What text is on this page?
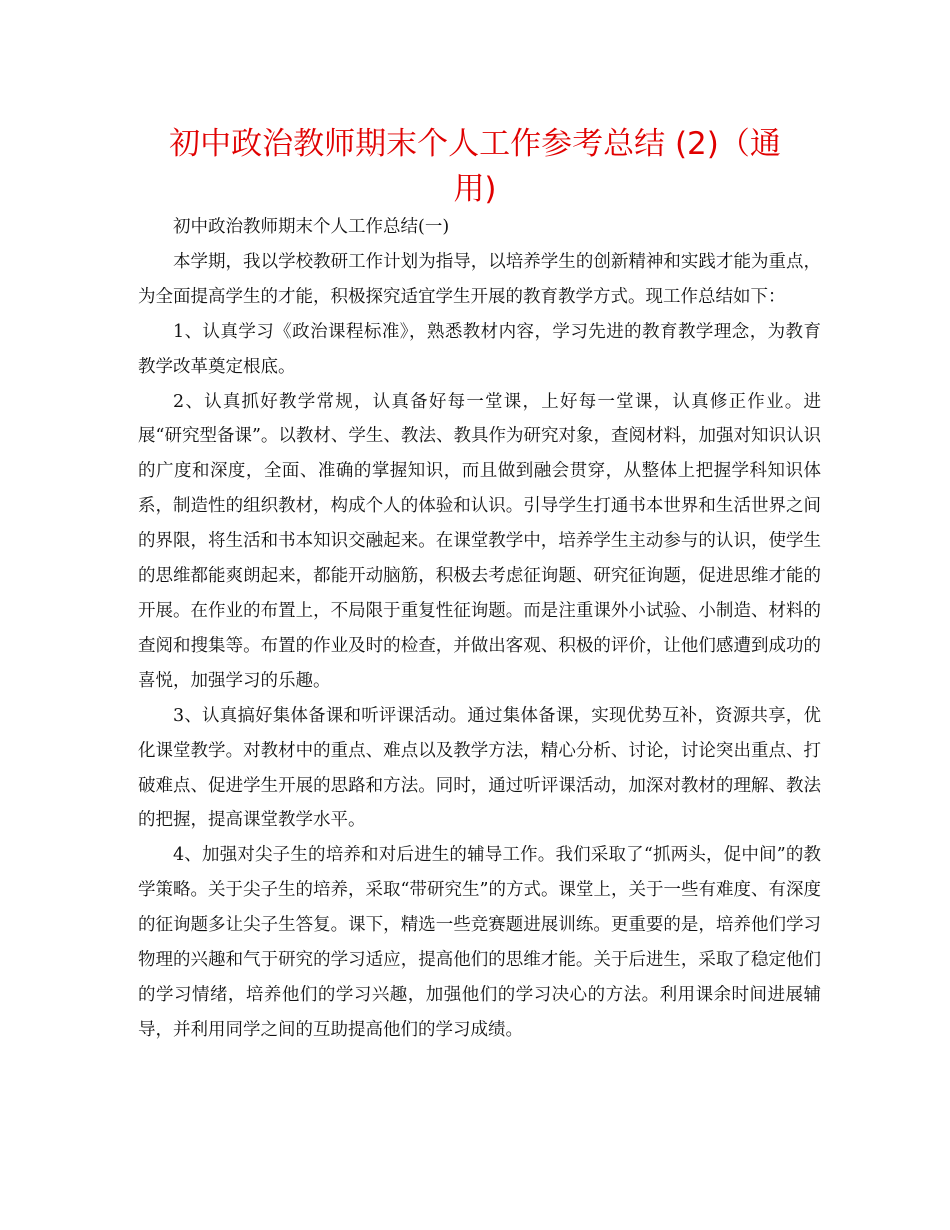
初中政治教师期末个人工作参考总结 (2)（通用)

初中政治教师期末个人工作总结(一)

本学期，我以学校教研工作计划为指导，以培养学生的创新精神和实践才能为重点，为全面提高学生的才能，积极探究适宜学生开展的教育教学方式。现工作总结如下：

1、认真学习《政治课程标准》，熟悉教材内容，学习先进的教育教学理念，为教育教学改革奠定根底。

2、认真抓好教学常规，认真备好每一堂课，上好每一堂课，认真修正作业。进展“研究型备课”。以教材、学生、教法、教具作为研究对象，查阅材料，加强对知识认识的广度和深度，全面、准确的掌握知识，而且做到融会贯穿，从整体上把握学科知识体系，制造性的组织教材，构成个人的体验和认识。引导学生打通书本世界和生活世界之间的界限，将生活和书本知识交融起来。在课堂教学中，培养学生主动参与的认识，使学生的思维都能爽朗起来，都能开动脑筋，积极去考虑征询题、研究征询题，促进思维才能的开展。在作业的布置上，不局限于重复性征询题。而是注重课外小试验、小制造、材料的查阅和搜集等。布置的作业及时的检查，并做出客观、积极的评价，让他们感遭到成功的喜悦，加强学习的乐趣。

3、认真搞好集体备课和听评课活动。通过集体备课，实现优势互补，资源共享，优化课堂教学。对教材中的重点、难点以及教学方法，精心分析、讨论，讨论突出重点、打破难点、促进学生开展的思路和方法。同时，通过听评课活动，加深对教材的理解、教法的把握，提高课堂教学水平。

4、加强对尖子生的培养和对后进生的辅导工作。我们采取了“抓两头，促中间”的教学策略。关于尖子生的培养，采取“带研究生”的方式。课堂上，关于一些有难度、有深度的征询题多让尖子生答复。课下，精选一些竞赛题进展训练。更重要的是，培养他们学习物理的兴趣和气于研究的学习适应，提高他们的思维才能。关于后进生，采取了稳定他们的学习情绪，培养他们的学习兴趣，加强他们的学习决心的方法。利用课余时间进展辅导，并利用同学之间的互助提高他们的学习成绩。
